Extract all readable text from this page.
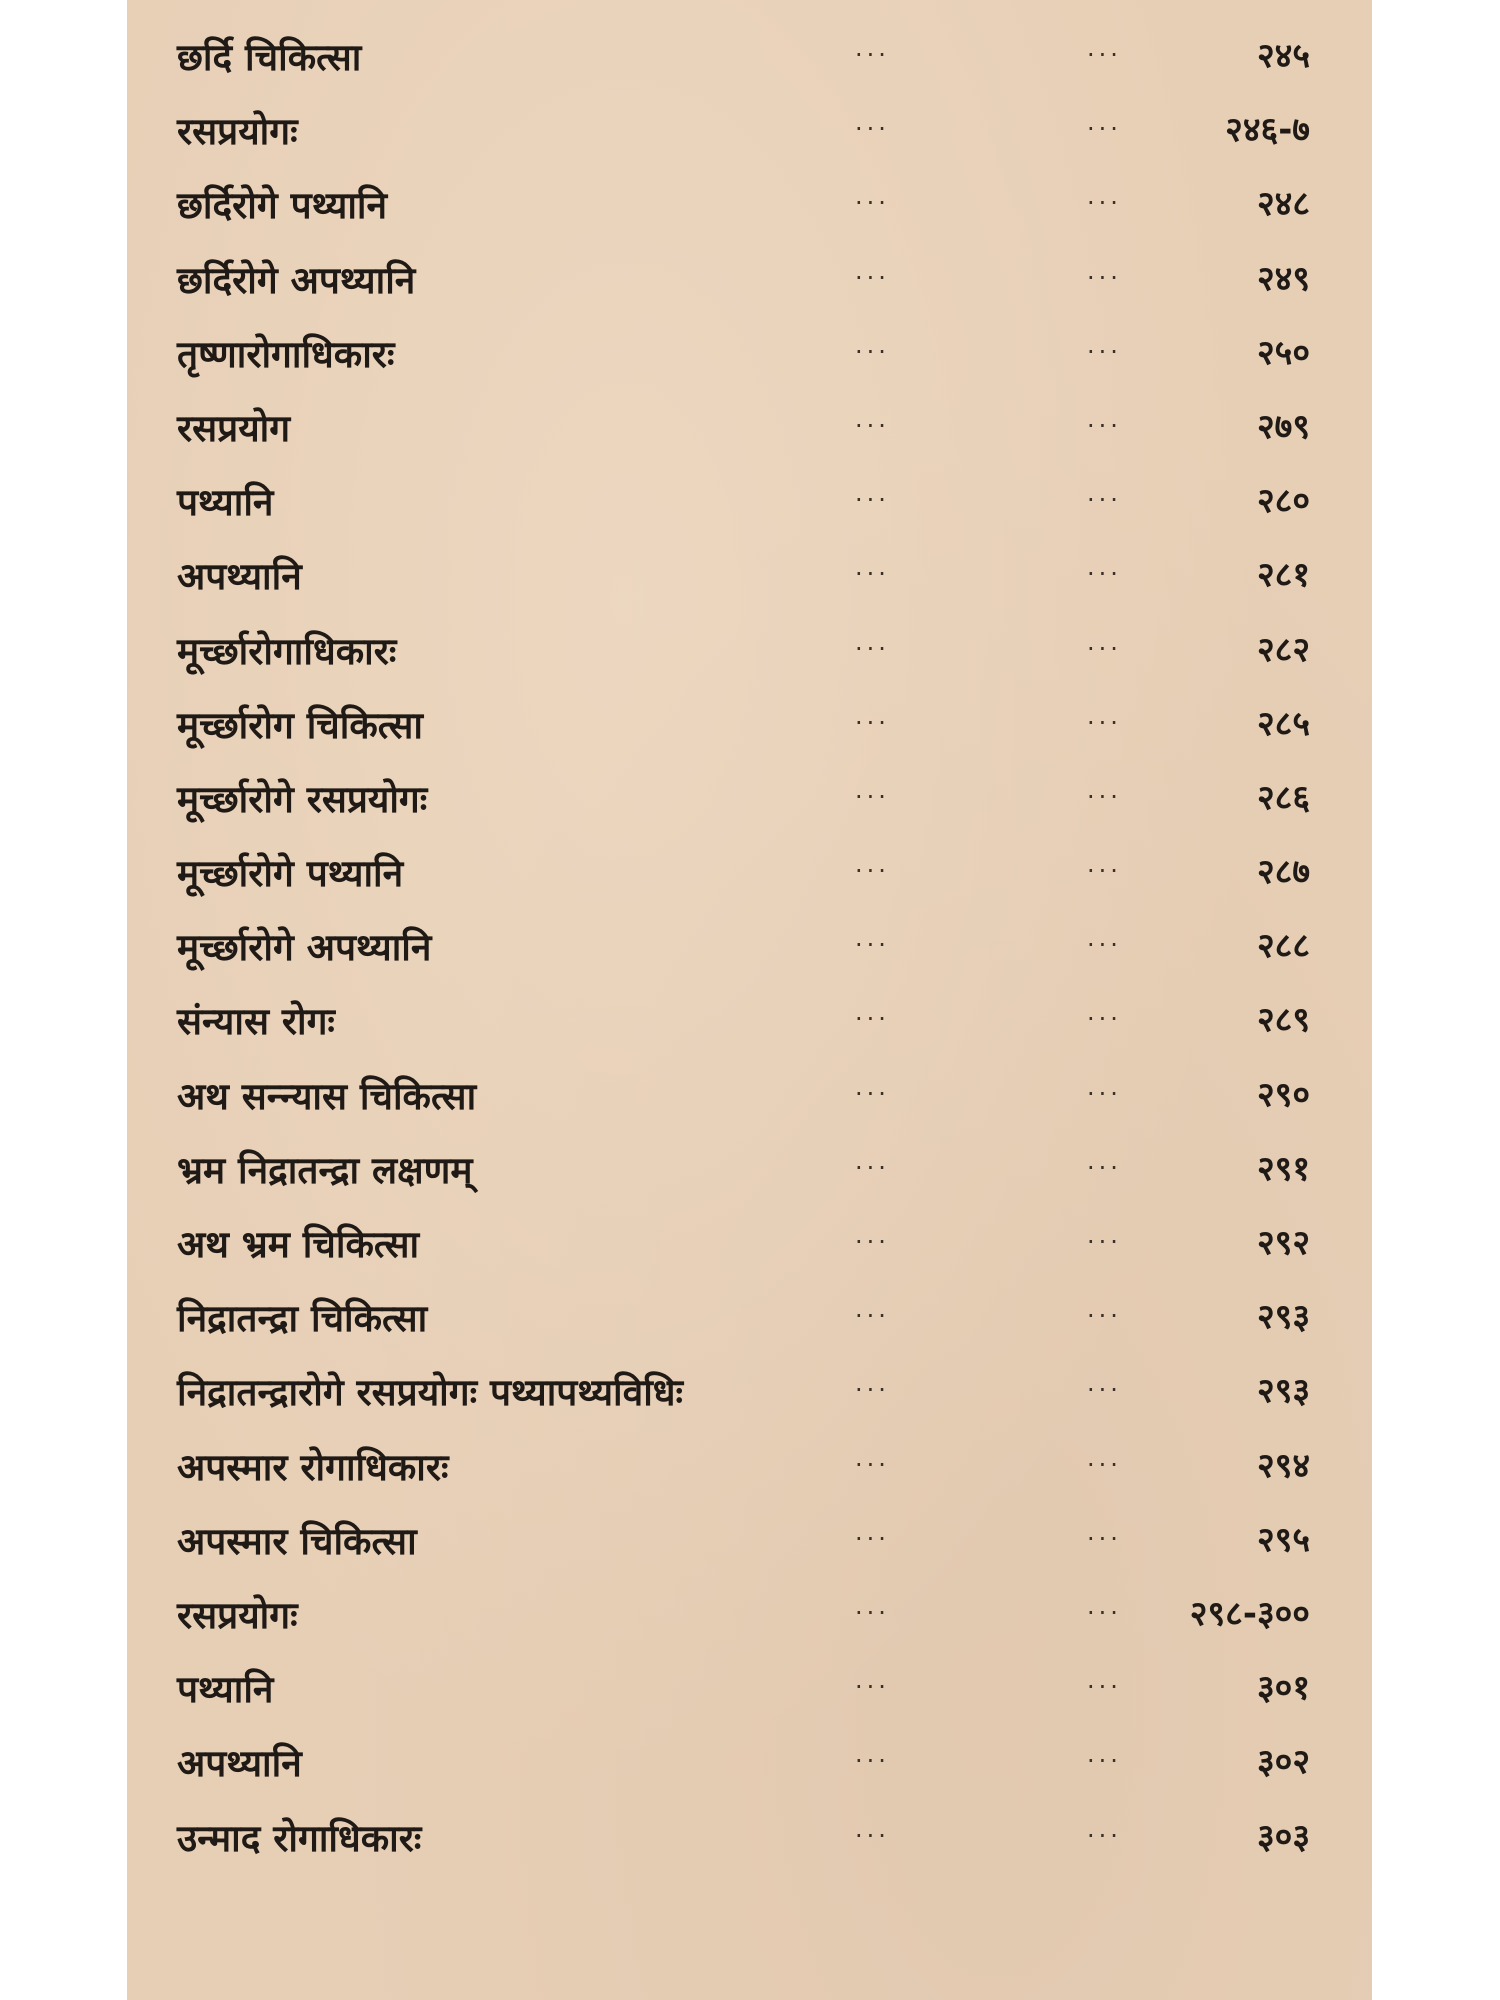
छर्दि चिकित्सा	...	...	२४५
रसप्रयोगः	...	...	२४६-७
छर्दिरोगे पथ्यानि	...	...	२४८
छर्दिरोगे अपथ्यानि	...	...	२४९
तृष्णारोगाधिकारः	...	...	२५०
रसप्रयोग	...	...	२७९
पथ्यानि	...	...	२८०
अपथ्यानि	...	...	२८१
मूर्च्छारोगाधिकारः	...	...	२८२
मूर्च्छारोग चिकित्सा	...	...	२८५
मूर्च्छारोगे रसप्रयोगः	...	...	२८६
मूर्च्छारोगे पथ्यानि	...	...	२८७
मूर्च्छारोगे अपथ्यानि	...	...	२८८
संन्यास रोगः	...	...	२८९
अथ सन्न्यास चिकित्सा	...	...	२९०
भ्रम निद्रातन्द्रा लक्षणम्	...	...	२९१
अथ भ्रम चिकित्सा	...	...	२९२
निद्रातन्द्रा चिकित्सा	...	...	२९३
निद्रातन्द्रारोगे रसप्रयोगः पथ्यापथ्यविधिः	...	...	२९३
अपस्मार रोगाधिकारः	...	...	२९४
अपस्मार चिकित्सा	...	...	२९५
रसप्रयोगः	...	... २९८-३००
पथ्यानि	...	...	३०१
अपथ्यानि	...	...	३०२
उन्माद रोगाधिकारः	...	...	३०३
